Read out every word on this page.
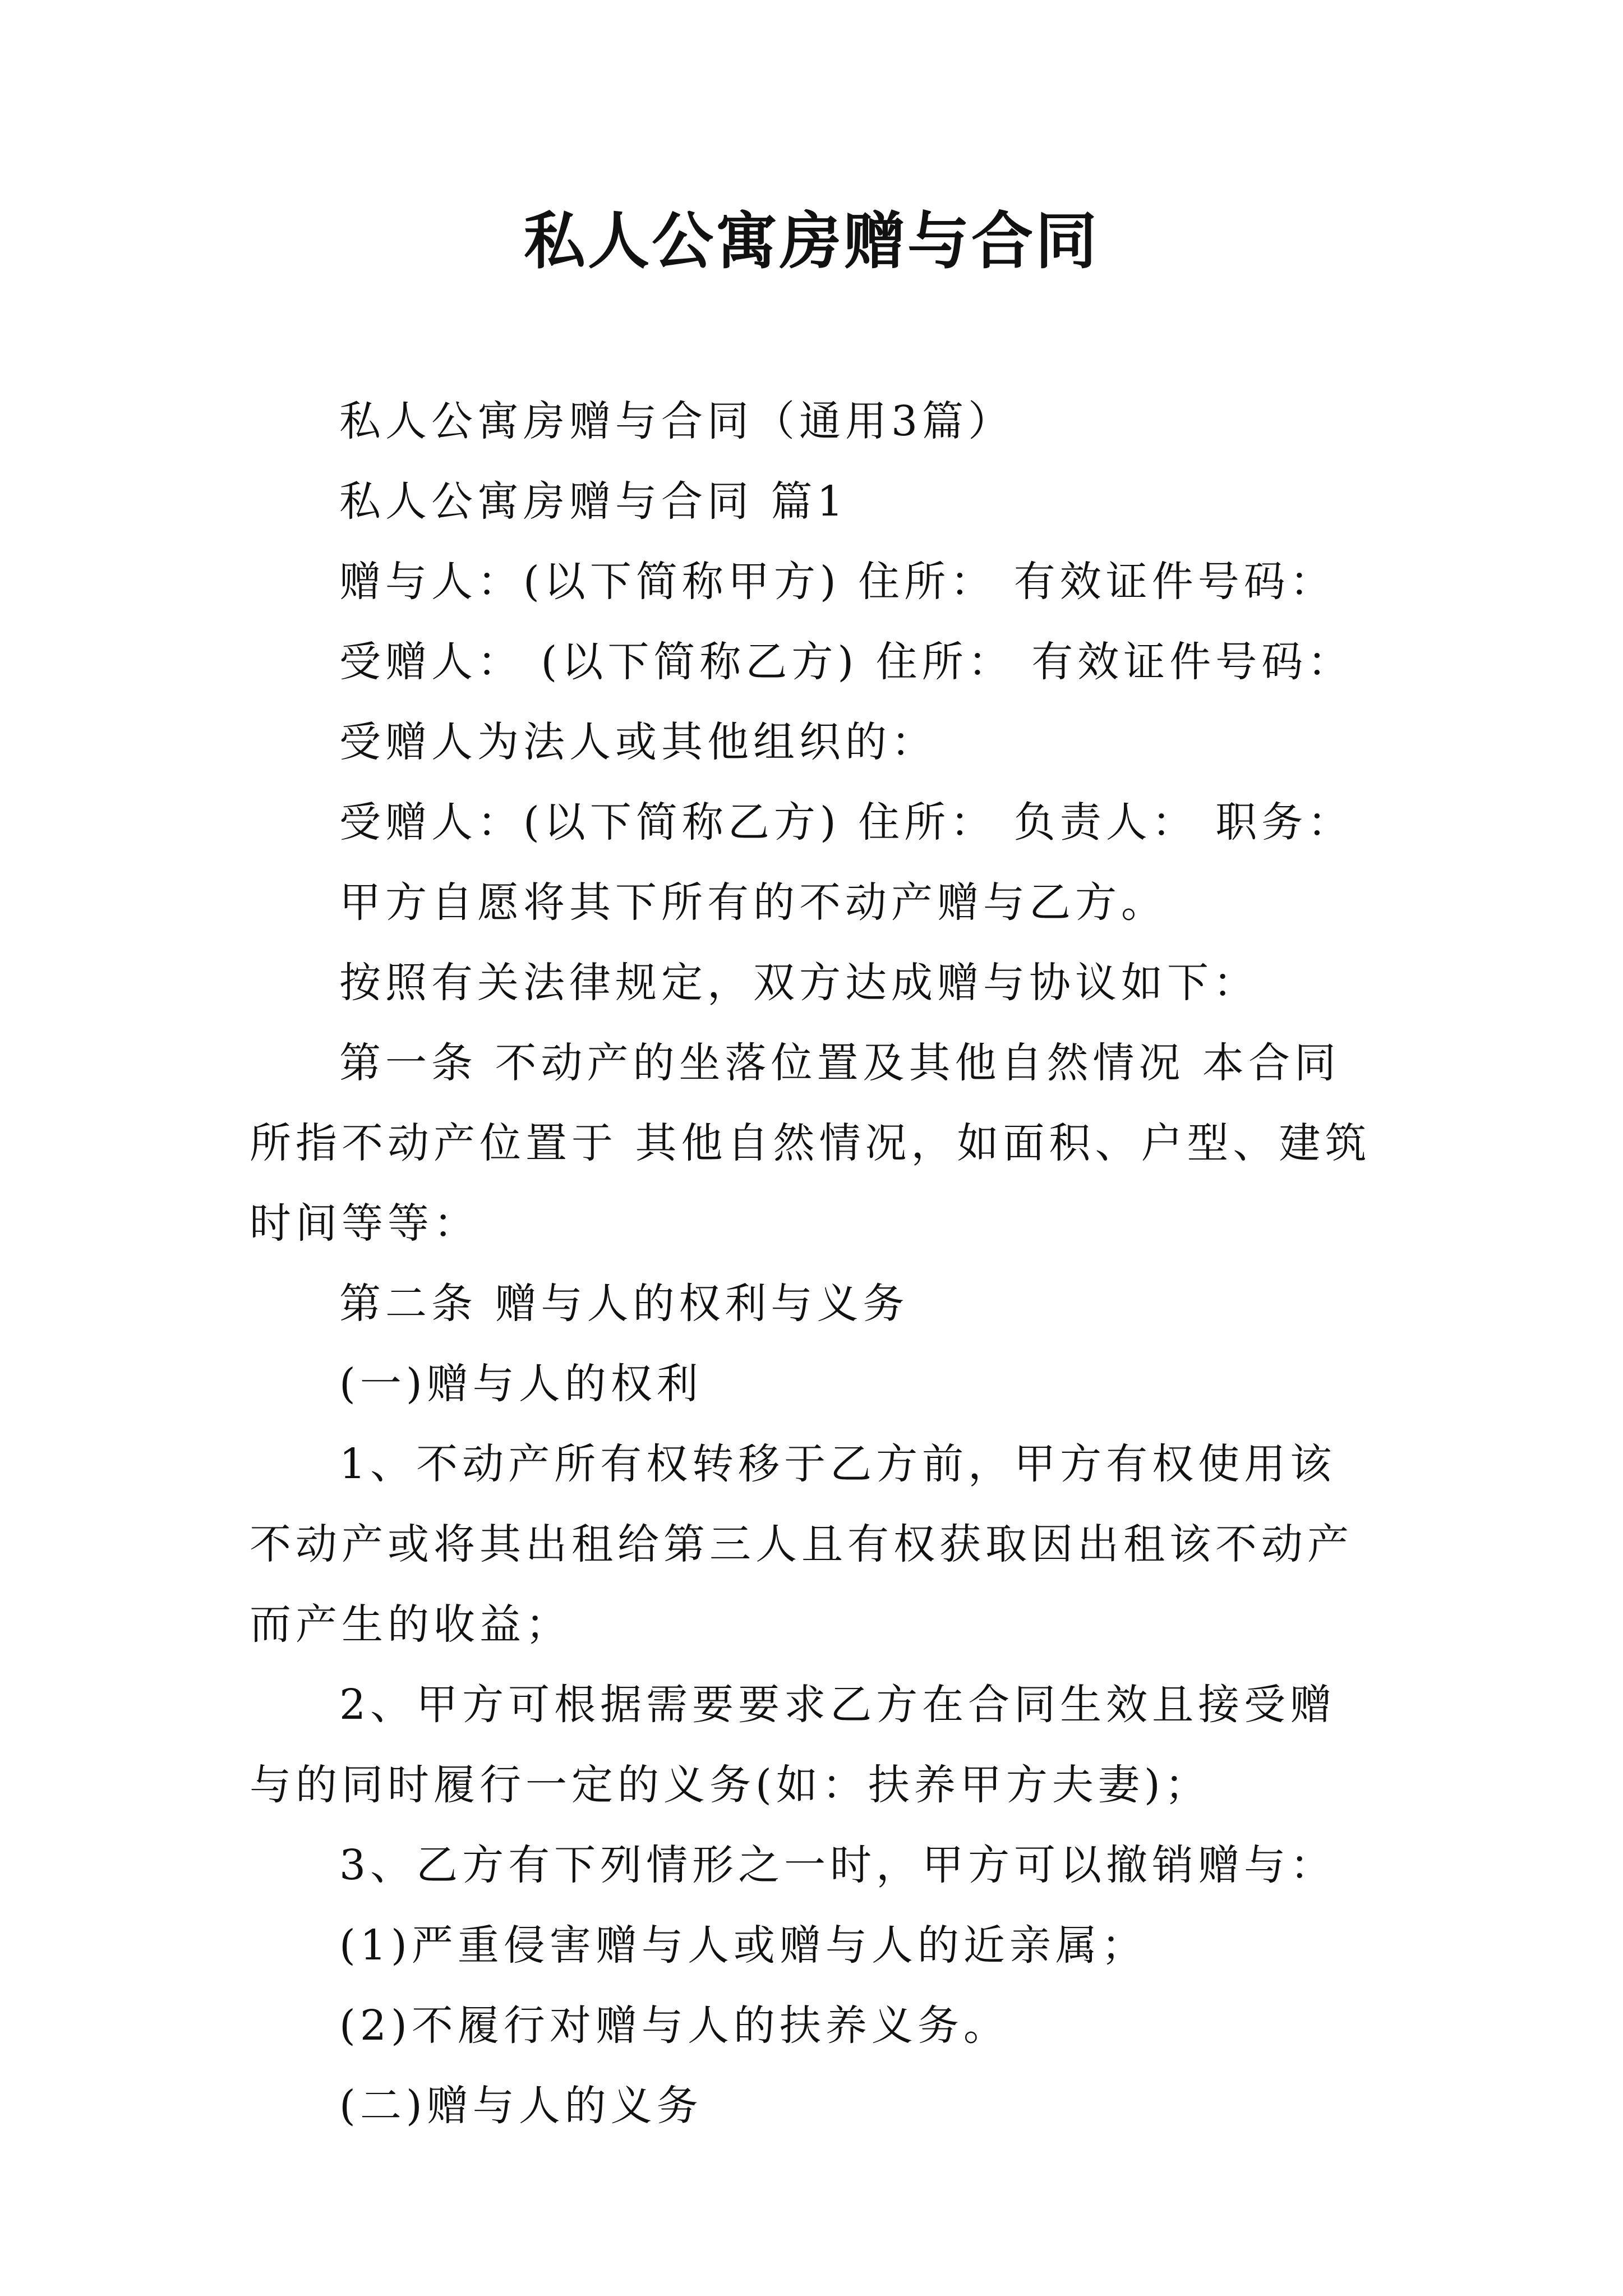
私人公寓房赠与合同

私人公寓房赠与合同（通用3篇）

私人公寓房赠与合同 篇1

赠与人：(以下简称甲方) 住所： 有效证件号码：

受赠人： (以下简称乙方) 住所： 有效证件号码：

受赠人为法人或其他组织的：

受赠人：(以下简称乙方) 住所： 负责人： 职务：

甲方自愿将其下所有的不动产赠与乙方。

按照有关法律规定，双方达成赠与协议如下：

第一条 不动产的坐落位置及其他自然情况 本合同所指不动产位置于 其他自然情况，如面积、户型、建筑时间等等：

第二条 赠与人的权利与义务

(一)赠与人的权利

1、不动产所有权转移于乙方前，甲方有权使用该不动产或将其出租给第三人且有权获取因出租该不动产而产生的收益；

2、甲方可根据需要要求乙方在合同生效且接受赠与的同时履行一定的义务(如：扶养甲方夫妻)；

3、乙方有下列情形之一时，甲方可以撤销赠与：

(1)严重侵害赠与人或赠与人的近亲属；

(2)不履行对赠与人的扶养义务。

(二)赠与人的义务
